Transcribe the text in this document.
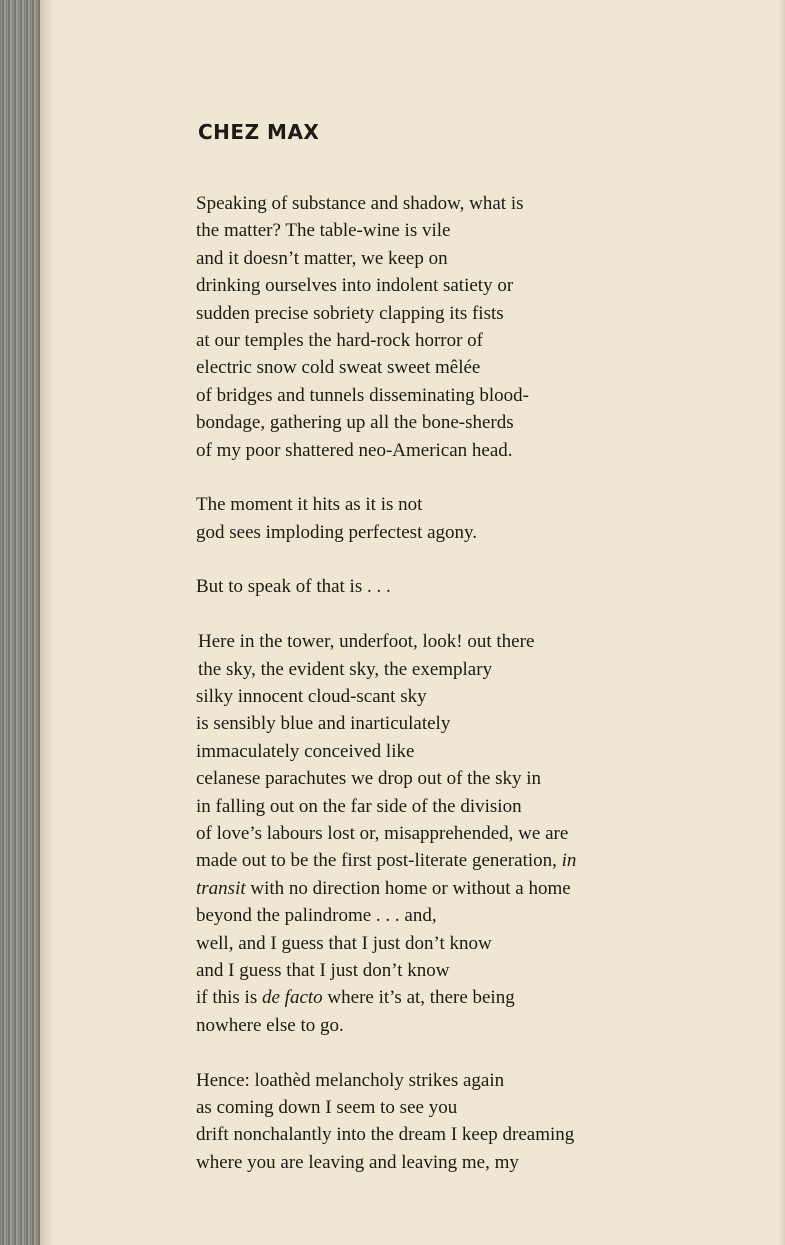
CHEZ MAX
Speaking of substance and shadow, what is
the matter? The table-wine is vile
and it doesn’t matter, we keep on
drinking ourselves into indolent satiety or
sudden precise sobriety clapping its fists
at our temples the hard-rock horror of
electric snow cold sweat sweet mêlée
of bridges and tunnels disseminating blood-
bondage, gathering up all the bone-sherds
of my poor shattered neo-American head.
The moment it hits as it is not
god sees imploding perfectest agony.
But to speak of that is . . .
Here in the tower, underfoot, look! out there
the sky, the evident sky, the exemplary
silky innocent cloud-scant sky
is sensibly blue and inarticulately
immaculately conceived like
celanese parachutes we drop out of the sky in
in falling out on the far side of the division
of love’s labours lost or, misapprehended, we are
made out to be the first post-literate generation, in
transit with no direction home or without a home
beyond the palindrome . . . and,
well, and I guess that I just don’t know
and I guess that I just don’t know
if this is de facto where it’s at, there being
nowhere else to go.
Hence: loathèd melancholy strikes again
as coming down I seem to see you
drift nonchalantly into the dream I keep dreaming
where you are leaving and leaving me, my
